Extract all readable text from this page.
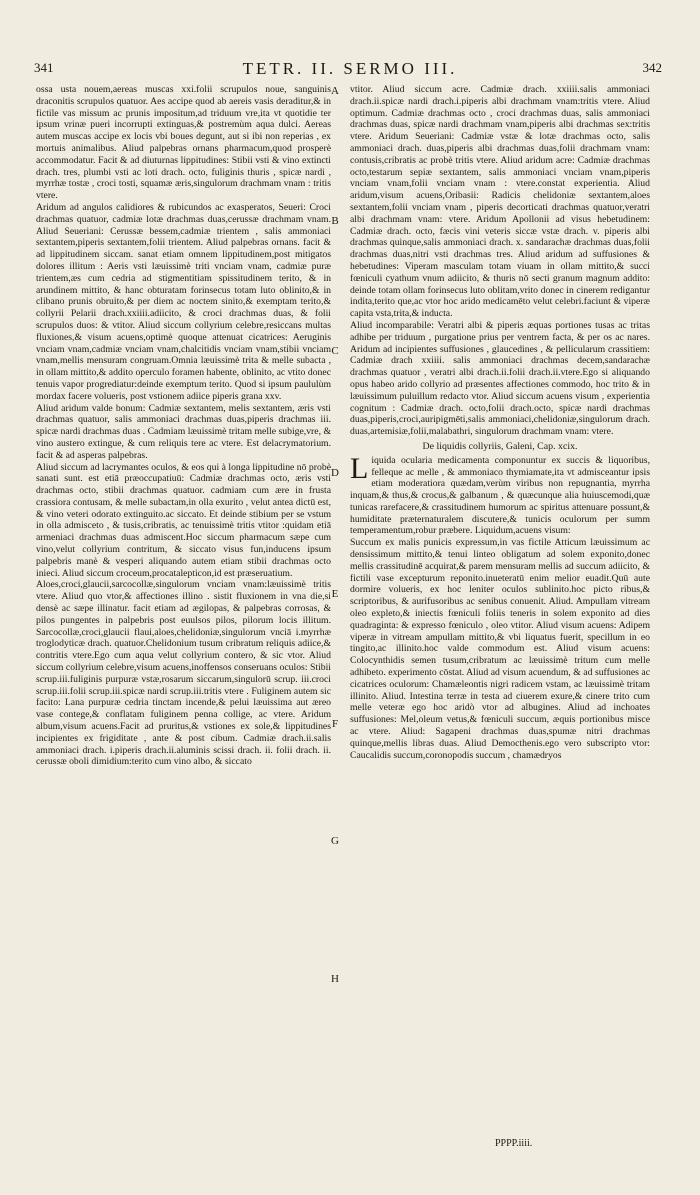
341	TETR. II. SERMO III.	342

ossa usta nouem,aereas muscas xxi.folii scrupulos noue, sanguinis draconitis scrupulos quatuor. Aes accipe quod ab aereis vasis deraditur,& in fictile vas missum ac prunis impositum,ad triduum vre,ita vt quotidie ter ipsum vrinæ pueri incorrupti extinguas,& postremùm aqua dulci. Aereas autem muscas accipe ex locis vbi boues degunt, aut si ibi non reperias , ex mortuis animalibus. Aliud palpebras ornans pharmacum,quod prosperè accommodatur. Facit & ad diuturnas lippitudines: Stibii vsti & vino extincti drach. tres, plumbi vsti ac loti drach. octo, fuliginis thuris , spicæ nardi , myrrhæ tostæ , croci tosti, squamæ æris,singulorum drachmam vnam : tritis vtere.

Aridum ad angulos calidiores & rubicundos ac exasperatos, Seueri: Croci drachmas quatuor, cadmiæ lotæ drachmas duas,cerussæ drachmam vnam. Aliud Seueriani: Cerussæ bessem,cadmiæ trientem , salis ammoniaci sextantem,piperis sextantem,folii trientem. Aliud palpebras ornans. facit & ad lippitudinem siccam. sanat etiam omnem lippitudinem,post mitigatos dolores illitum : Aeris vsti læuissimè triti vnciam vnam, cadmiæ puræ trientem,æs cum cedria ad stigmentitiam spissitudinem terito, & in arundinem mittito, & hanc obturatam forinsecus totam luto oblinito,& in clibano prunis obruito,& per diem ac noctem sinito,& exemptam terito,& collyrii Pelarii drach.xxiiii.adiicito, & croci drachmas duas, & folii scrupulos duos: & vtitor. Aliud siccum collyrium celebre,resiccans multas fluxiones,& visum acuens,optimè quoque attenuat cicatrices: Aeruginis vnciam vnam,cadmiæ vnciam vnam,chalcitidis vnciam vnam,stibii vnciam vnam,mellis mensuram congruam.Omnia læuissimè trita & melle subacta , in ollam mittito,& addito operculo foramen habente, oblinito, ac vtito donec tenuis vapor progrediatur:deinde exemptum terito. Quod si ipsum paululùm mordax facere volueris, post vstionem adiice piperis grana xxv.

Aliud aridum valde bonum: Cadmiæ sextantem, melis sextantem, æris vsti drachmas quatuor, salis ammoniaci drachmas duas,piperis drachmas iii. spicæ nardi drachmas duas . Cadmiam læuissimè tritam melle subige,vre, & vino austero extingue, & cum reliquis tere ac vtere. Est delacrymatorium. facit & ad asperas palpebras.

Aliud siccum ad lacrymantes oculos, & eos qui à longa lippitudine nō probè sanati sunt. est etiā præoccupatiuū: Cadmiæ drachmas octo, æris vsti drachmas octo, stibii drachmas quatuor. cadmiam cum ære in frusta crassiora contusam, & melle subactam,in olla exurito , velut antea dictū est, & vino veteri odorato extinguito.ac siccato. Et deinde stibium per se vstum in olla admisceto , & tusis,cribratis, ac tenuissimè tritis vtitor :quidam etiā armeniaci drachmas duas admiscent.Hoc siccum pharmacum sæpe cum vino,velut collyrium contritum, & siccato visus fun,inducens ipsum palpebris manè & vesperi aliquando autem etiam stibii drachmas octo inieci. Aliud siccum croceum,procatalepticon,id est præseruatium.

Aloes,croci,glaucii,sarcocollæ,singulorum vnciam vnam:læuissimè tritis vtere. Aliud quo vtor,& affectiones illino . sistit fluxionem in vna die,si densè ac sæpe illinatur. facit etiam ad ægilopas, & palpebras corrosas, & pilos pungentes in palpebris post euulsos pilos, pilorum locis illitum. Sarcocollæ,croci,glaucii flaui,aloes,chelidoniæ,singulorum vnciā i.myrrhæ troglodyticæ drach. quatuor.Chelidonium tusum cribratum reliquis adiice,& contritis vtere.Ego cum aqua velut collyrium contero, & sic vtor. Aliud siccum collyrium celebre,visum acuens,inoffensos conseruans oculos: Stibii scrup.iii.fuliginis purpuræ vstæ,rosarum siccarum,singulorū scrup. iii.croci scrup.iii.folii scrup.iii.spicæ nardi scrup.iii.tritis vtere . Fuliginem autem sic facito: Lana purpuræ cedria tinctam incende,& pelui læuissima aut æreo vase contege,& conflatam fuliginem penna collige, ac vtere. Aridum album,visum acuens.Facit ad pruritus,& vstiones ex sole,& lippitudines incipientes ex frigiditate , ante & post cibum. Cadmiæ drach.ii.salis ammoniaci drach. i.piperis drach.ii.aluminis scissi drach. ii. folii drach. ii. cerussæ oboli dimidium:terito cum vino albo, & siccato

vtitor. Aliud siccum acre. Cadmiæ drach. xxiiii.salis ammoniaci drach.ii.spicæ nardi drach.i.piperis albi drachmam vnam:tritis vtere. Aliud optimum. Cadmiæ drachmas octo , croci drachmas duas, salis ammoniaci drachmas duas, spicæ nardi drachmam vnam,piperis albi drachmas sex:tritis vtere. Aridum Seueriani: Cadmiæ vstæ & lotæ drachmas octo, salis ammoniaci drach. duas,piperis albi drachmas duas,folii drachmam vnam: contusis,cribratis ac probè tritis vtere. Aliud aridum acre: Cadmiæ drachmas octo,testarum sepiæ sextantem, salis ammoniaci vnciam vnam,piperis vnciam vnam,folii vnciam vnam : vtere.constat experientia. Aliud aridum,visum acuens,Oribasii: Radicis chelidoniæ sextantem,aloes sextantem,folii vnciam vnam , piperis decorticati drachmas quatuor,veratri albi drachmam vnam: vtere. Aridum Apollonii ad visus hebetudinem: Cadmiæ drach. octo, fæcis vini veteris siccæ vstæ drach. v. piperis albi drachmas quinque,salis ammoniaci drach. x. sandarachæ drachmas duas,folii drachmas duas,nitri vsti drachmas tres. Aliud aridum ad suffusiones & hebetudines: Viperam masculam totam viuam in ollam mittito,& succi fœniculi cyathum vnum adiicito, & thuris nō secti granum magnum addito: deinde totam ollam forinsecus luto oblitam,vrito donec in cinerem redigantur indita,terito que,ac vtor hoc arido medicamēto velut celebri.faciunt & viperæ capita vsta,trita,& inducta.

Aliud incomparabile: Veratri albi & piperis æquas portiones tusas ac tritas adhibe per triduum , purgatione prius per ventrem facta, & per os ac nares. Aridum ad incipientes suffusiones , glaucedines , & pellicularum crassitiem: Cadmiæ drach xxiiii. salis ammoniaci drachmas decem,sandarachæ drachmas quatuor , veratri albi drach.ii.folii drach.ii.vtere.Ego si aliquando opus habeo arido collyrio ad præsentes affectiones commodo, hoc trito & in læuissimum puluillum redacto vtor. Aliud siccum acuens visum , experientia cognitum : Cadmiæ drach. octo,folii drach.octo, spicæ nardi drachmas duas,piperis,croci,auripigmēti,salis ammoniaci,chelidoniæ,singulorum drach. duas,artemisiæ,folii,malabathri, singulorum drachmam vnam: vtere.

De liquidis collyriis, Galeni, Cap. xcix.

Liquida ocularia medicamenta componuntur ex succis & liquoribus, felleque ac melle , & ammoniaco thymiamate,ita vt admisceantur ipsis etiam moderatiora quædam,verùm viribus non repugnantia, myrrha inquam,& thus,& crocus,& galbanum , & quæcunque alia huiuscemodi,quæ tunicas rarefacere,& crassitudinem humorum ac spiritus attenuare possunt,& humiditate præternaturalem discutere,& tunicis oculorum per summ temperamentum,robur præbere. Liquidum,acuens visum:

Succum ex malis punicis expressum,in vas fictile Atticum læuissimum ac densissimum mittito,& tenui linteo obligatum ad solem exponito,donec mellis crassitudinē acquirat,& parem mensuram mellis ad succum adiicito, & fictili vase excepturum reponito.inueteratū enim melior euadit.Quū aute dormire volueris, ex hoc leniter oculos sublinito.hoc picto ribus,& scriptoribus, & aurifusoribus ac senibus conuenit. Aliud. Ampullam vitream oleo expleto,& iniectis fœniculi foliis teneris in solem exponito ad dies quadraginta: & expresso fœniculo , oleo vtitor. Aliud visum acuens: Adipem viperæ in vitream ampullam mittito,& vbi liquatus fuerit, specillum in eo tingito,ac illinito.hoc valde commodum est. Aliud visum acuens: Colocynthidis semen tusum,cribratum ac læuissimè tritum cum melle adhibeto. experimento cōstat. Aliud ad visum acuendum, & ad suffusiones ac cicatrices oculorum: Chamæleontis nigri radicem vstam, ac læuissimè tritam illinito. Aliud. Intestina terræ in testa ad ciuerem exure,& cinere trito cum melle veteræ ego hoc aridò vtor ad albugines. Aliud ad inchoates suffusiones: Mel,oleum vetus,& fœniculi succum, æquis portionibus misce ac vtere. Aliud: Sagapeni drachmas duas,spumæ nitri drachmas quinque,mellis libras duas. Aliud Democthenis.ego vero subscripto vtor: Caucalidis succum,coronopodis succum , chamædryos

A
B
C
D
E
F
G
H
PPPP.iiii.
